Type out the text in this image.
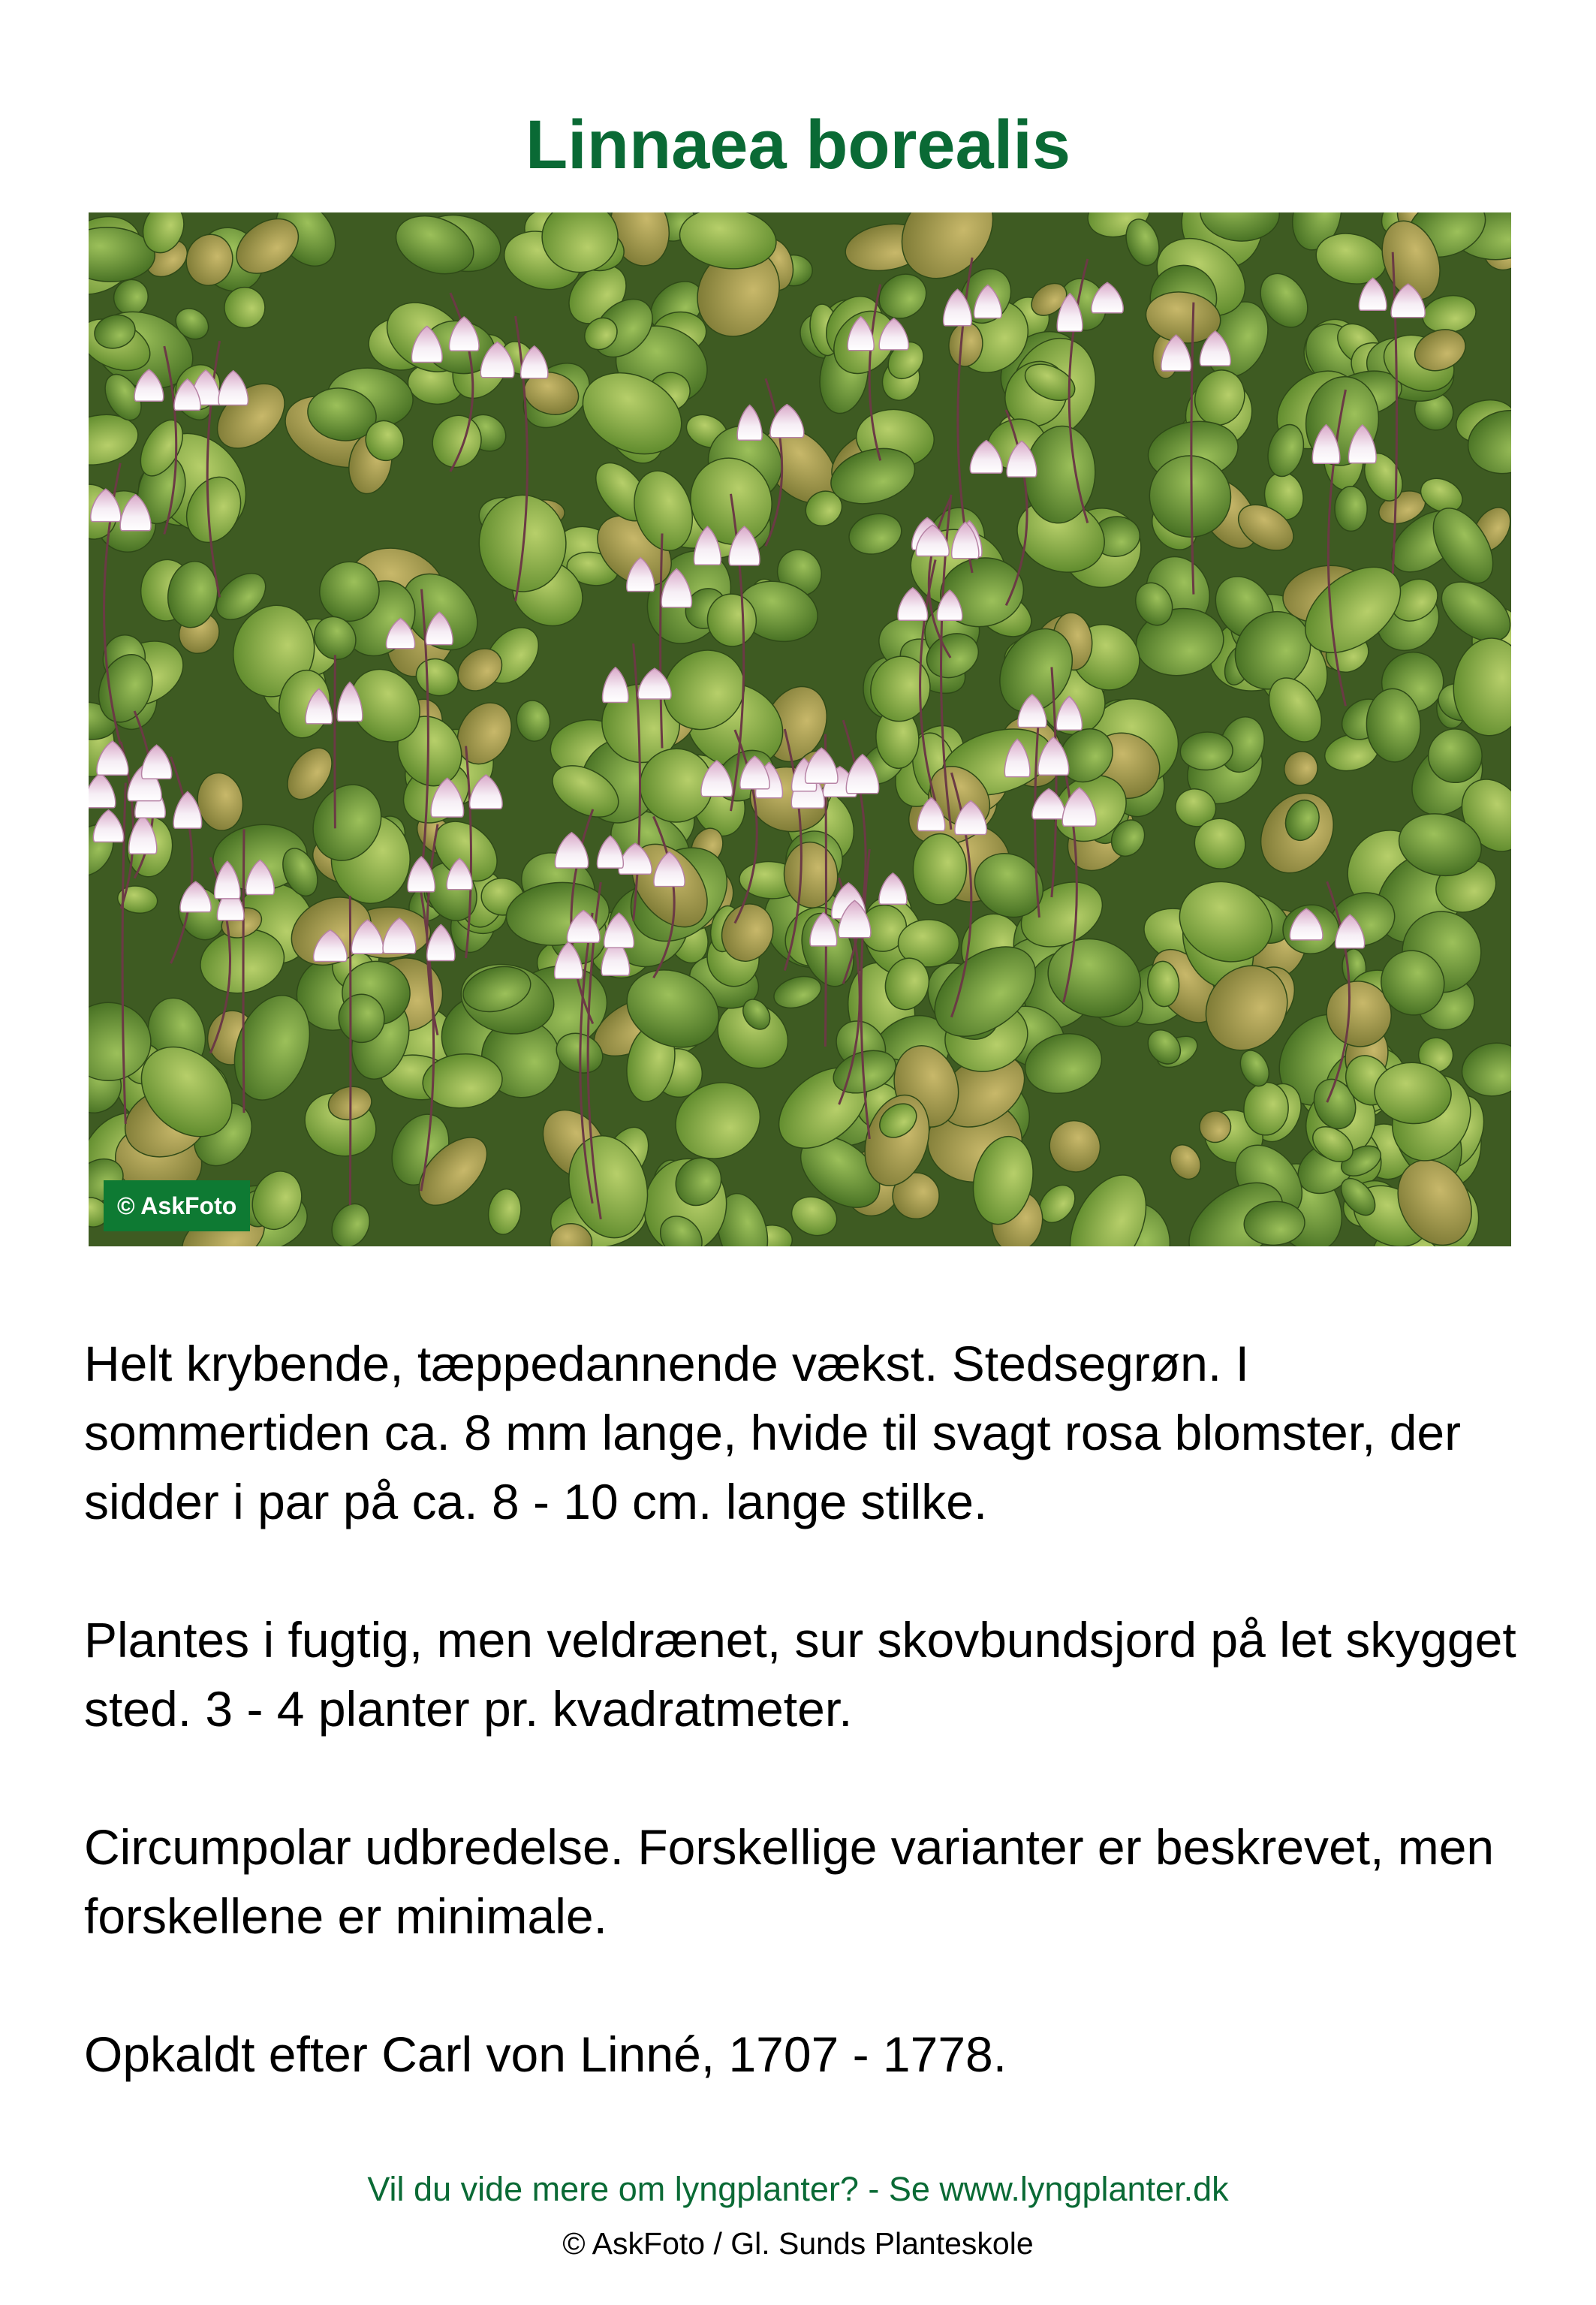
Linnaea borealis
© AskFoto

Helt krybende, tæppedannende vækst. Stedsegrøn. I sommertiden ca. 8 mm lange, hvide til svagt rosa blomster, der sidder i par på ca. 8 - 10 cm. lange stilke.

Plantes i fugtig, men veldrænet, sur skovbundsjord på let skygget sted. 3 - 4 planter pr. kvadratmeter.

Circumpolar udbredelse. Forskellige varianter er beskrevet, men forskellene er minimale.

Opkaldt efter Carl von Linné, 1707 - 1778.

Vil du vide mere om lyngplanter? - Se www.lyngplanter.dk
© AskFoto / Gl. Sunds Planteskole
